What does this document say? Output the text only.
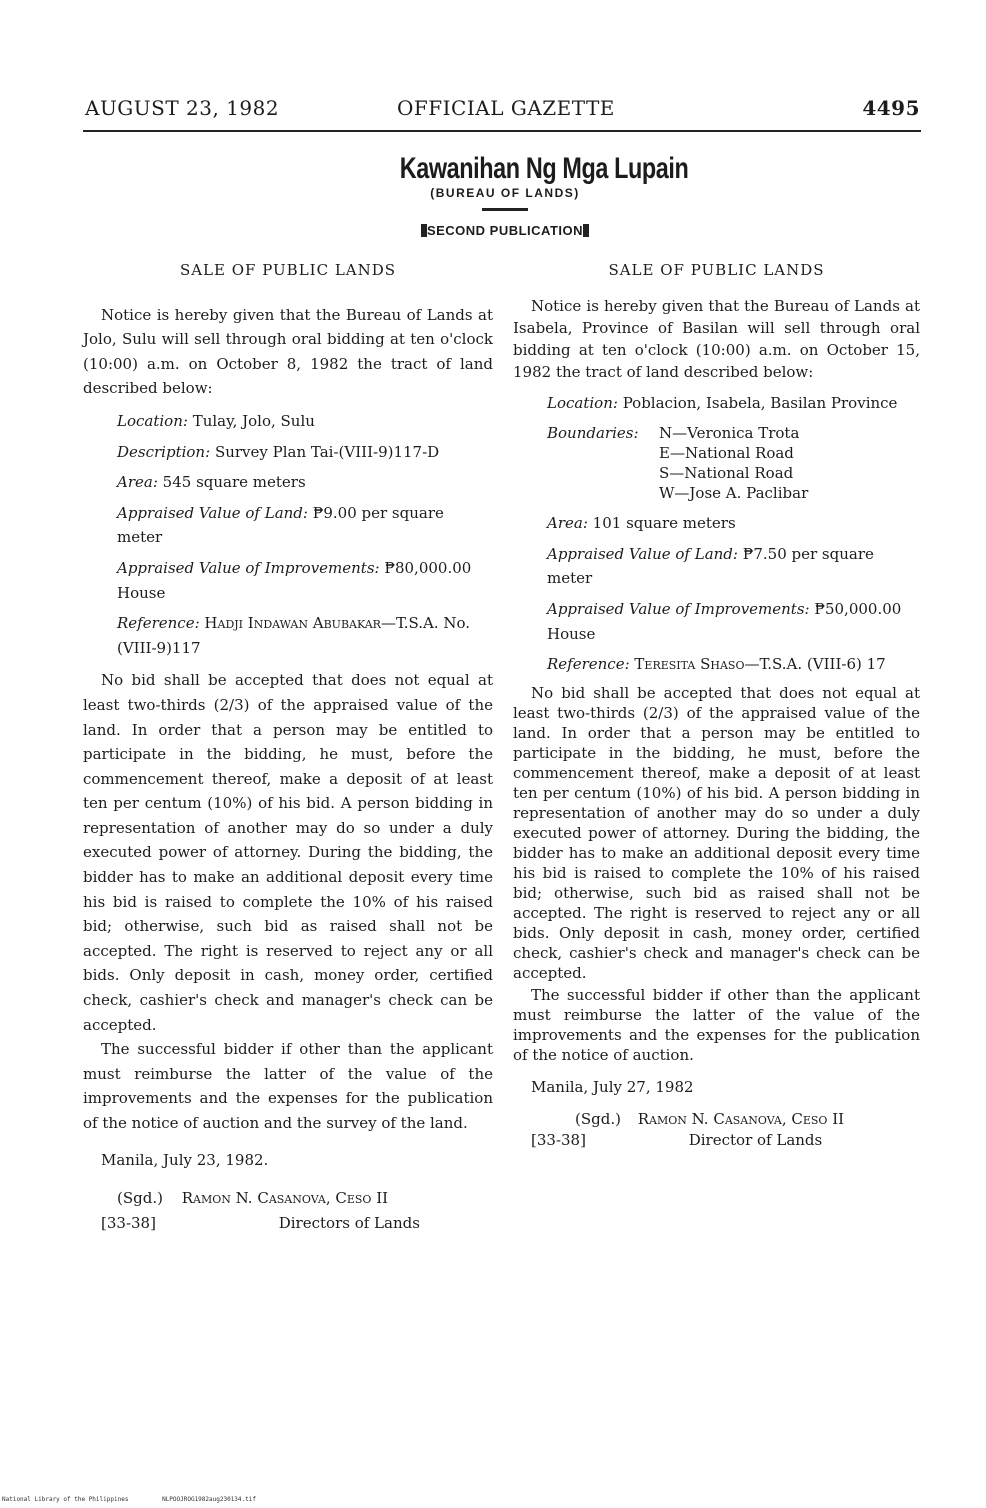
AUGUST 23, 1982	OFFICIAL GAZETTE	4495
Kawanihan Ng Mga Lupain
(BUREAU OF LANDS)
SECOND PUBLICATION

SALE OF PUBLIC LANDS

Notice is hereby given that the Bureau of Lands at Jolo, Sulu will sell through oral bidding at ten o'clock (10:00) a.m. on October 8, 1982 the tract of land described below:

Location: Tulay, Jolo, Sulu
Description: Survey Plan Tai-(VIII-9)117-D
Area: 545 square meters
Appraised Value of Land: ₱9.00 per square meter
Appraised Value of Improvements: ₱80,000.00 House
Reference: Hadji Indawan Abubakar—T.S.A. No. (VIII-9)117

No bid shall be accepted that does not equal at least two-thirds (2/3) of the appraised value of the land. In order that a person may be entitled to participate in the bidding, he must, before the commencement thereof, make a deposit of at least ten per centum (10%) of his bid. A person bidding in representation of another may do so under a duly executed power of attorney. During the bidding, the bidder has to make an additional deposit every time his bid is raised to complete the 10% of his raised bid; otherwise, such bid as raised shall not be accepted. The right is reserved to reject any or all bids. Only deposit in cash, money order, certified check, cashier's check and manager's check can be accepted.

The successful bidder if other than the applicant must reimburse the latter of the value of the improvements and the expenses for the publication of the notice of auction and the survey of the land.

Manila, July 23, 1982.

(Sgd.) Ramon N. Casanova, Ceso II
[33-38]	Directors of Lands

SALE OF PUBLIC LANDS

Notice is hereby given that the Bureau of Lands at Isabela, Province of Basilan will sell through oral bidding at ten o'clock (10:00) a.m. on October 15, 1982 the tract of land described below:

Location: Poblacion, Isabela, Basilan Province
Boundaries:	N—Veronica Trota
E—National Road
S—National Road
W—Jose A. Paclibar
Area: 101 square meters
Appraised Value of Land: ₱7.50 per square meter
Appraised Value of Improvements: ₱50,000.00 House
Reference: Teresita Shaso—T.S.A. (VIII-6) 17

No bid shall be accepted that does not equal at least two-thirds (2/3) of the appraised value of the land. In order that a person may be entitled to participate in the bidding, he must, before the commencement thereof, make a deposit of at least ten per centum (10%) of his bid. A person bidding in representation of another may do so under a duly executed power of attorney. During the bidding, the bidder has to make an additional deposit every time his bid is raised to complete the 10% of his raised bid; otherwise, such bid as raised shall not be accepted. The right is reserved to reject any or all bids. Only deposit in cash, money order, certified check, cashier's check and manager's check can be accepted.

The successful bidder if other than the applicant must reimburse the latter of the value of the improvements and the expenses for the publication of the notice of auction.

Manila, July 27, 1982

(Sgd.) Ramon N. Casanova, Ceso II
[33-38]	Director of Lands
National Library of the Philippines	NLPOOJROG1982aug230134.tif
